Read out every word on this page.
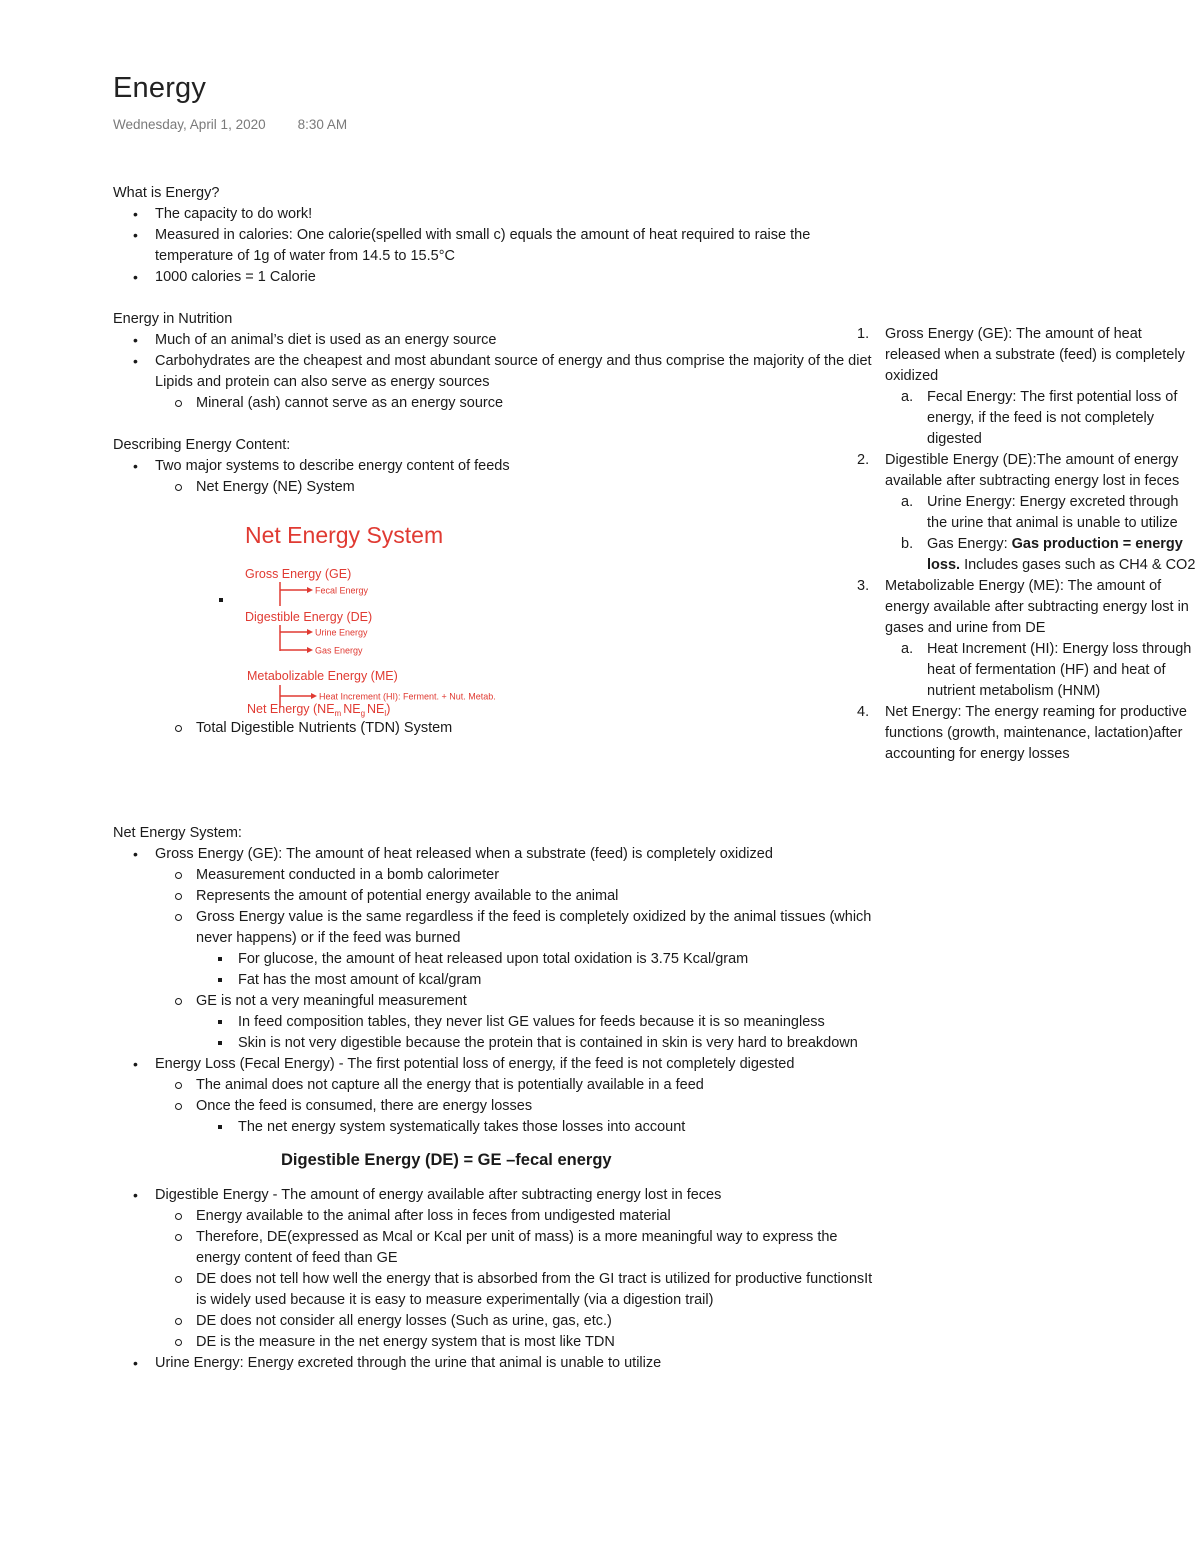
Energy
Wednesday, April 1, 2020 8:30 AM
What is Energy?
• The capacity to do work!
• Measured in calories: One calorie(spelled with small c) equals the amount of heat required to raise the temperature of 1g of water from 14.5 to 15.5°C
• 1000 calories = 1 Calorie
Energy in Nutrition
• Much of an animal’s diet is used as an energy source
• Carbohydrates are the cheapest and most abundant source of energy and thus comprise the majority of the diet Lipids and protein can also serve as energy sources
Mineral (ash) cannot serve as an energy source
Describing Energy Content:
• Two major systems to describe energy content of feeds
Net Energy (NE) System
Net Energy System
Gross Energy (GE)
Fecal Energy
Digestible Energy (DE)
Urine Energy
Gas Energy
Metabolizable Energy (ME)
Heat Increment (HI): Ferment. + Nut. Metab.
Net Energy ($NE_m$ $NE_g$ $NE_l$)
Total Digestible Nutrients (TDN) System
Net Energy System:
• Gross Energy (GE): The amount of heat released when a substrate (feed) is completely oxidized
Measurement conducted in a bomb calorimeter
Represents the amount of potential energy available to the animal
Gross Energy value is the same regardless if the feed is completely oxidized by the animal tissues (which never happens) or if the feed was burned
For glucose, the amount of heat released upon total oxidation is 3.75 Kcal/gram
Fat has the most amount of kcal/gram
GE is not a very meaningful measurement
In feed composition tables, they never list GE values for feeds because it is so meaningless
Skin is not very digestible because the protein that is contained in skin is very hard to breakdown
• Energy Loss (Fecal Energy) - The first potential loss of energy, if the feed is not completely digested
The animal does not capture all the energy that is potentially available in a feed
Once the feed is consumed, there are energy losses
The net energy system systematically takes those losses into account
Digestible Energy (DE) = GE –fecal energy
• Digestible Energy - The amount of energy available after subtracting energy lost in feces
Energy available to the animal after loss in feces from undigested material
Therefore, DE(expressed as Mcal or Kcal per unit of mass) is a more meaningful way to express the energy content of feed than GE
DE does not tell how well the energy that is absorbed from the GI tract is utilized for productive functionsIt is widely used because it is easy to measure experimentally (via a digestion trail)
DE does not consider all energy losses (Such as urine, gas, etc.)
DE is the measure in the net energy system that is most like TDN
• Urine Energy: Energy excreted through the urine that animal is unable to utilize
1. Gross Energy (GE): The amount of heat released when a substrate (feed) is completely oxidized
a. Fecal Energy: The first potential loss of energy, if the feed is not completely digested
2. Digestible Energy (DE):The amount of energy available after subtracting energy lost in feces
a. Urine Energy: Energy excreted through the urine that animal is unable to utilize
b. Gas Energy: Gas production = energy loss. Includes gases such as CH4 & CO2
3. Metabolizable Energy (ME): The amount of energy available after subtracting energy lost in gases and urine from DE
a. Heat Increment (HI): Energy loss through heat of fermentation (HF) and heat of nutrient metabolism (HNM)
4. Net Energy: The energy reaming for productive functions (growth, maintenance, lactation)after accounting for energy losses
